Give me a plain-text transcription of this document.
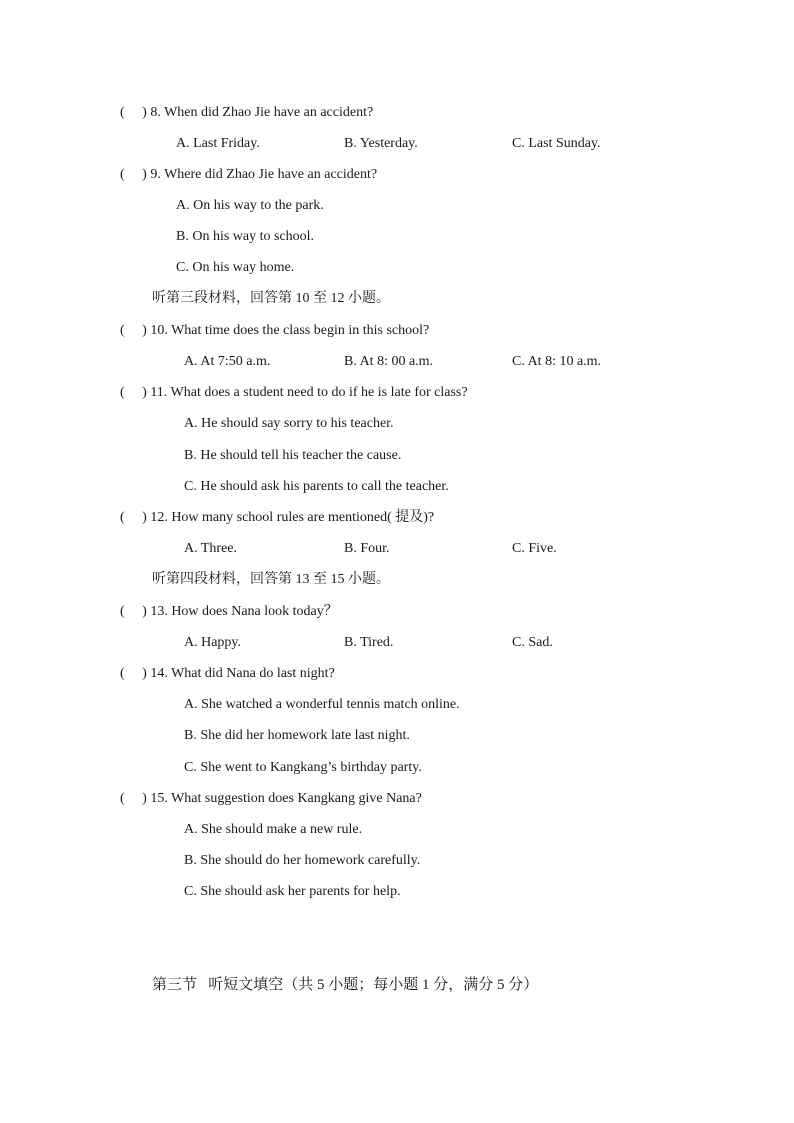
(     ) 8. When did Zhao Jie have an accident?
A. Last Friday.	B. Yesterday.	C. Last Sunday.
(     ) 9. Where did Zhao Jie have an accident?
A. On his way to the park.
B. On his way to school.
C. On his way home.
听第三段材料，回答第 10 至 12 小题。
(     ) 10. What time does the class begin in this school?
A. At 7:50 a.m.	B. At 8: 00 a.m.	C. At 8: 10 a.m.
(     ) 11. What does a student need to do if he is late for class?
A. He should say sorry to his teacher.
B. He should tell his teacher the cause.
C. He should ask his parents to call the teacher.
(     ) 12. How many school rules are mentioned( 提及)?
A. Three.	B. Four.	C. Five.
听第四段材料，回答第 13 至 15 小题。
(     ) 13. How does Nana look today？
A. Happy.	B. Tired.	C. Sad.
(     ) 14. What did Nana do last night?
A. She watched a wonderful tennis match online.
B. She did her homework late last night.
C. She went to Kangkang’s birthday party.
(     ) 15. What suggestion does Kangkang give Nana?
A. She should make a new rule.
B. She should do her homework carefully.
C. She should ask her parents for help.
第三节   听短文填空（共 5 小题；每小题 1 分，满分 5 分）
